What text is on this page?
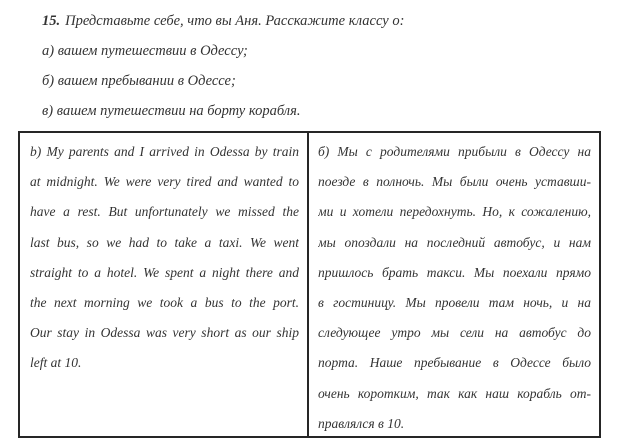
15. Представьте себе, что вы Аня. Расскажите классу о:
а) вашем путешествии в Одессу;
б) вашем пребывании в Одессе;
в) вашем путешествии на борту корабля.
b) My parents and I arrived in Odessa by train
at midnight. We were very tired and wanted to
have a rest. But unfortunately we missed the
last bus, so we had to take a taxi. We went
straight to a hotel. We spent a night there and
the next morning we took a bus to the port.
Our stay in Odessa was very short as our ship
left at 10.
б) Мы с родителями прибыли в Одессу на
поезде в полночь. Мы были очень уставши-
ми и хотели передохнуть. Но, к сожалению,
мы опоздали на последний автобус, и нам
пришлось брать такси. Мы поехали прямо
в гостиницу. Мы провели там ночь, и на
следующее утро мы сели на автобус до
порта. Наше пребывание в Одессе было
очень коротким, так как наш корабль от-
правлялся в 10.
